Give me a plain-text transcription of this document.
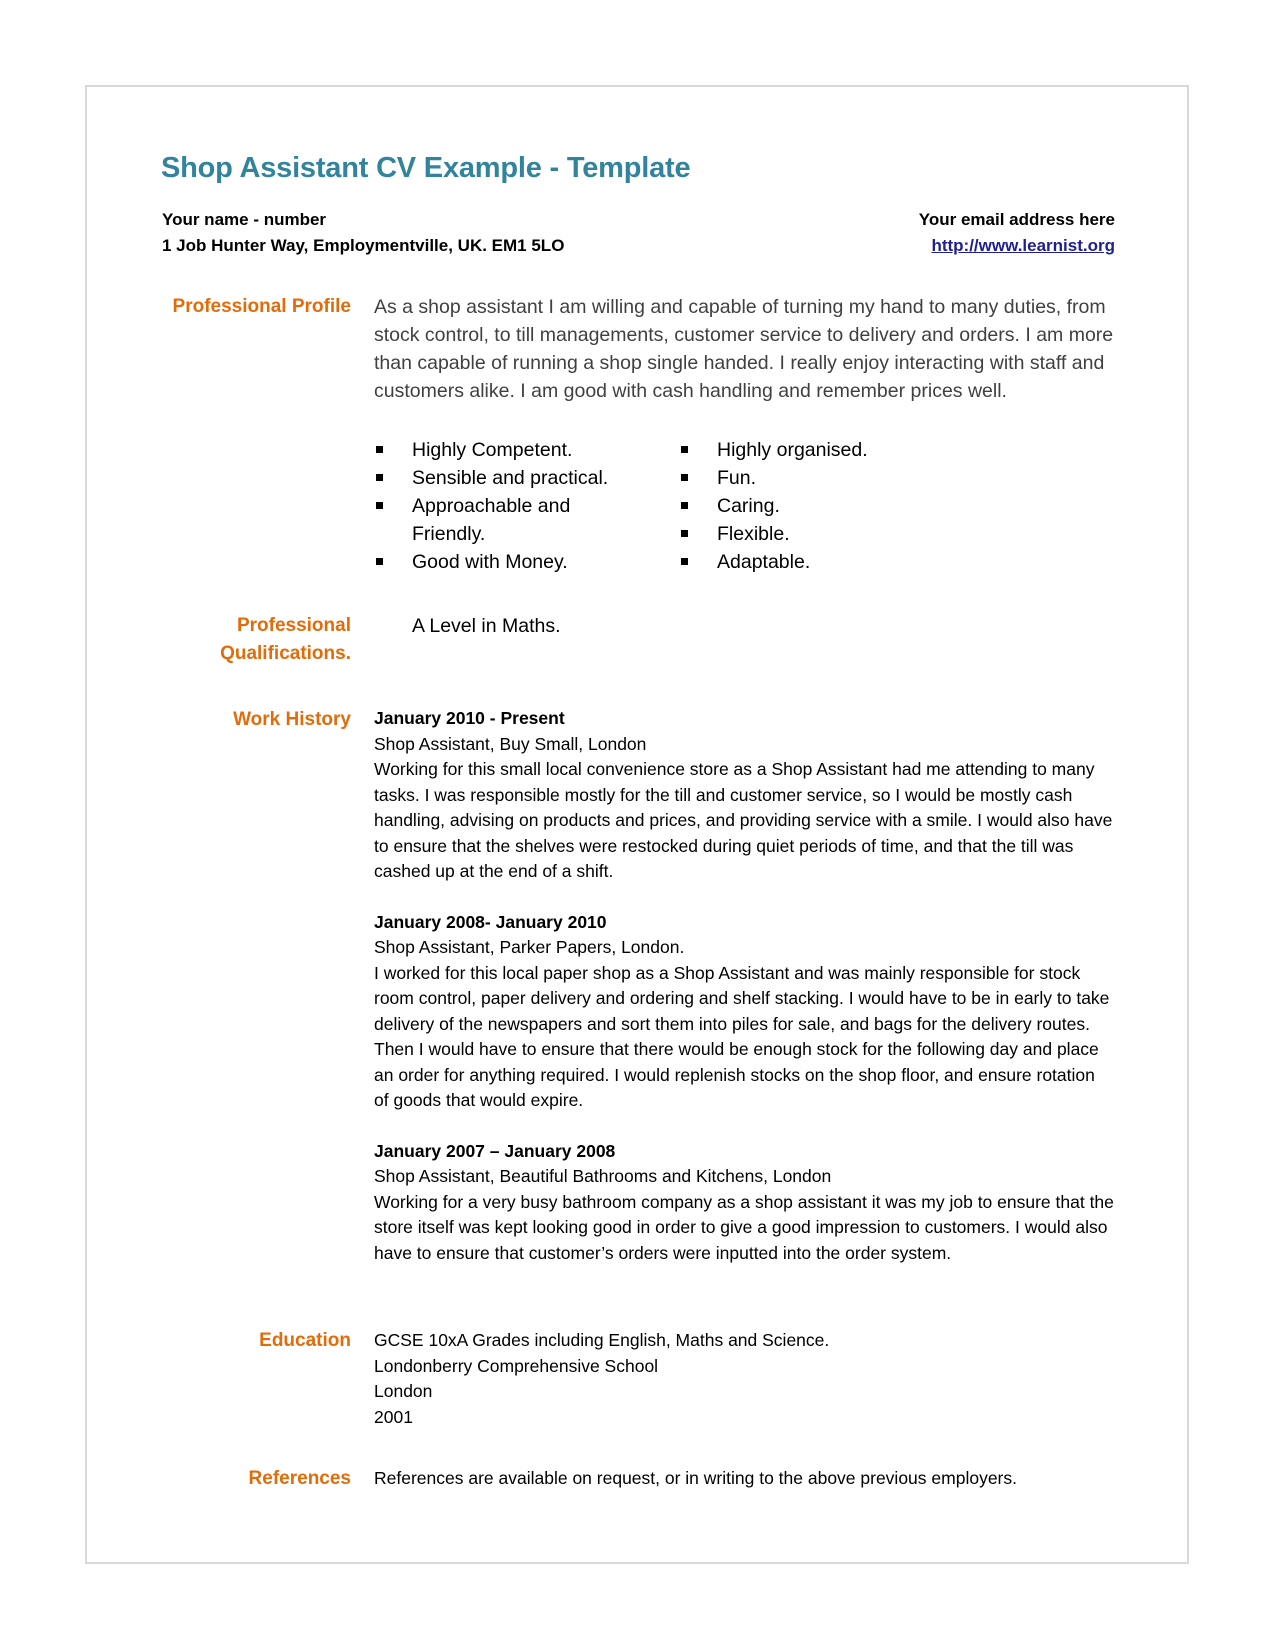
Shop Assistant CV Example - Template
Your name - number
1 Job Hunter Way, Employmentville, UK. EM1 5LO
Your email address here
http://www.learnist.org
Professional Profile As a shop assistant I am willing and capable of turning my hand to many duties, from stock control, to till managements, customer service to delivery and orders. I am more than capable of running a shop single handed. I really enjoy interacting with staff and customers alike. I am good with cash handling and remember prices well.
Highly Competent.
Sensible and practical.
Approachable and Friendly.
Good with Money.
Highly organised.
Fun.
Caring.
Flexible.
Adaptable.
Professional
Qualifications.
A Level in Maths.
Work History January 2010 - Present
Shop Assistant, Buy Small, London
Working for this small local convenience store as a Shop Assistant had me attending to many tasks. I was responsible mostly for the till and customer service, so I would be mostly cash handling, advising on products and prices, and providing service with a smile. I would also have to ensure that the shelves were restocked during quiet periods of time, and that the till was cashed up at the end of a shift.
January 2008- January 2010
Shop Assistant, Parker Papers, London.
I worked for this local paper shop as a Shop Assistant and was mainly responsible for stock room control, paper delivery and ordering and shelf stacking. I would have to be in early to take delivery of the newspapers and sort them into piles for sale, and bags for the delivery routes. Then I would have to ensure that there would be enough stock for the following day and place an order for anything required. I would replenish stocks on the shop floor, and ensure rotation of goods that would expire.
January 2007 – January 2008
Shop Assistant, Beautiful Bathrooms and Kitchens, London
Working for a very busy bathroom company as a shop assistant it was my job to ensure that the store itself was kept looking good in order to give a good impression to customers. I would also have to ensure that customer’s orders were inputted into the order system.
Education GCSE 10xA Grades including English, Maths and Science.
Londonberry Comprehensive School
London
2001
References References are available on request, or in writing to the above previous employers.
